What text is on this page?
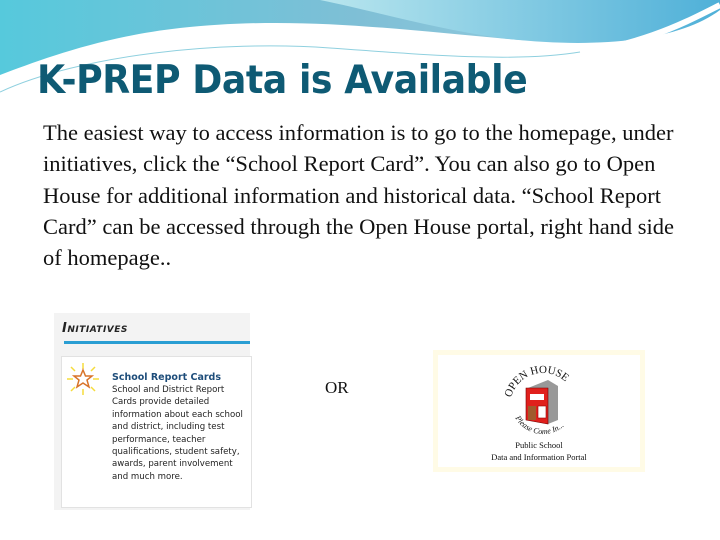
K-PREP Data is Available

The easiest way to access information is to go to the homepage, under initiatives, click the “School Report Card”. You can also go to Open House for additional information and historical data. “School Report Card” can be accessed through the Open House portal, right hand side of homepage..

Initiatives
School Report Cards
School and District Report Cards provide detailed information about each school and district, including test performance, teacher qualifications, student safety, awards, parent involvement and much more.
OR	OPEN HOUSE
Please Come In...
Public School
Data and Information Portal
